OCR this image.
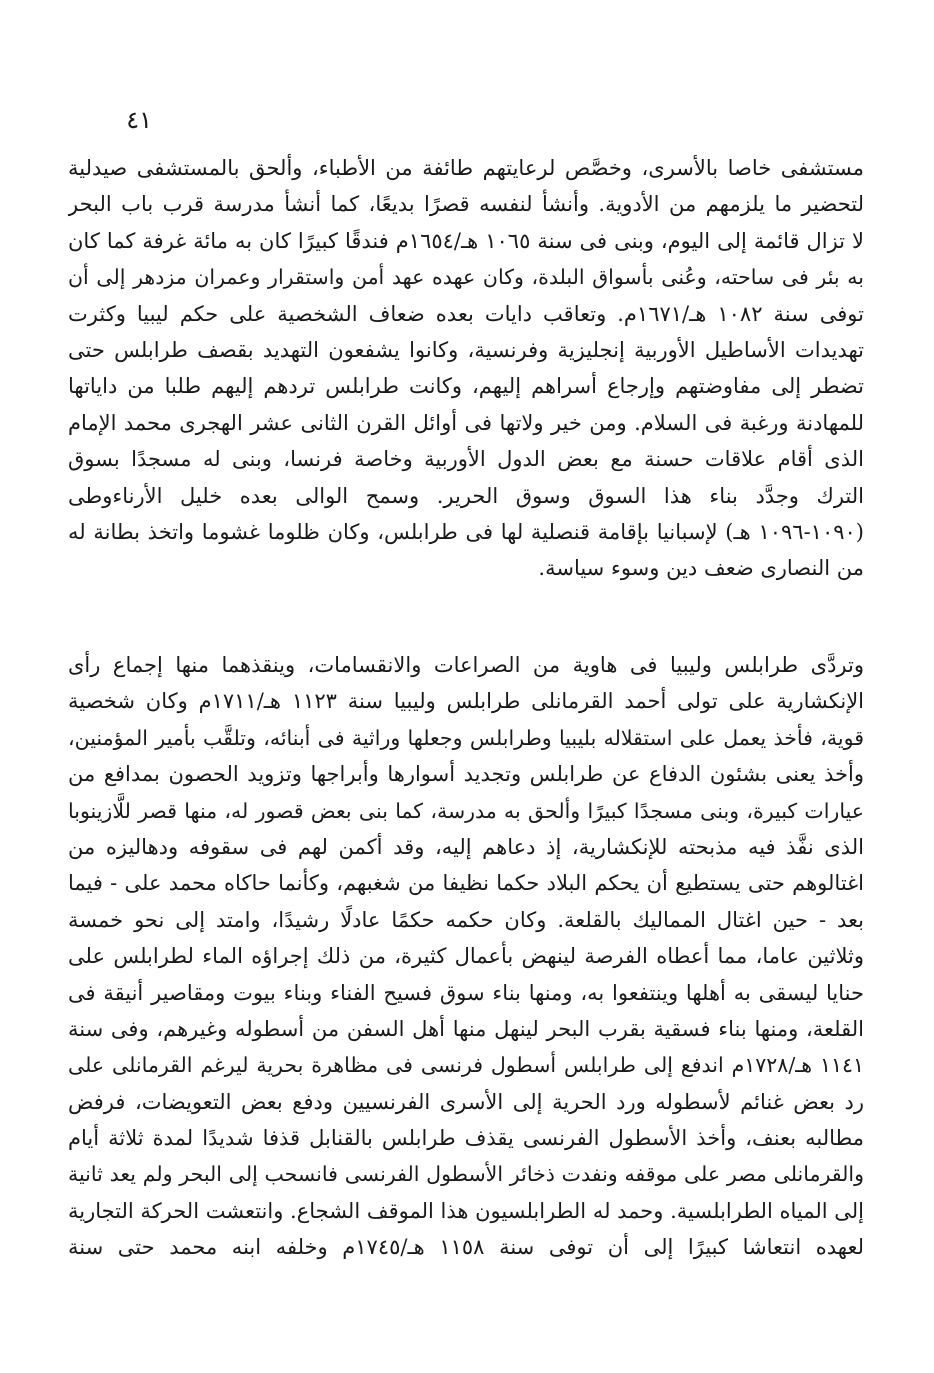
٤١
مستشفى خاصا بالأسرى، وخصَّص لرعايتهم طائفة من الأطباء، وألحق بالمستشفى صيدلية
لتحضير ما يلزمهم من الأدوية. وأنشأ لنفسه قصرًا بديعًا، كما أنشأ مدرسة قرب باب البحر
لا تزال قائمة إلى اليوم، وبنى فى سنة ١٠٦٥ هـ/١٦٥٤م فندقًا كبيرًا كان به مائة غرفة كما كان
به بئر فى ساحته، وعُنى بأسواق البلدة، وكان عهده عهد أمن واستقرار وعمران مزدهر إلى أن
توفى سنة ١٠٨٢ هـ/١٦٧١م. وتعاقب دايات بعده ضعاف الشخصية على حكم ليبيا وكثرت
تهديدات الأساطيل الأوربية إنجليزية وفرنسية، وكانوا يشفعون التهديد بقصف طرابلس حتى
تضطر إلى مفاوضتهم وإرجاع أسراهم إليهم، وكانت طرابلس تردهم إليهم طلبا من داياتها
للمهادنة ورغبة فى السلام. ومن خير ولاتها فى أوائل القرن الثانى عشر الهجرى محمد الإمام
الذى أقام علاقات حسنة مع بعض الدول الأوربية وخاصة فرنسا، وبنى له مسجدًا بسوق
الترك وجدَّد بناء هذا السوق وسوق الحرير. وسمح الوالى بعده خليل الأرناءوطى
(١٠٩٠-١٠٩٦ هـ) لإسبانيا بإقامة قنصلية لها فى طرابلس، وكان ظلوما غشوما واتخذ بطانة له
من النصارى ضعف دين وسوء سياسة.
وتردَّى طرابلس وليبيا فى هاوية من الصراعات والانقسامات، وينقذهما منها إجماع رأى
الإنكشارية على تولى أحمد القرمانلى طرابلس وليبيا سنة ١١٢٣ هـ/١٧١١م وكان شخصية
قوية، فأخذ يعمل على استقلاله بليبيا وطرابلس وجعلها وراثية فى أبنائه، وتلقَّب بأمير المؤمنين،
وأخذ يعنى بشئون الدفاع عن طرابلس وتجديد أسوارها وأبراجها وتزويد الحصون بمدافع من
عيارات كبيرة، وبنى مسجدًا كبيرًا وألحق به مدرسة، كما بنى بعض قصور له، منها قصر للَّازينوبا
الذى نفَّذ فيه مذبحته للإنكشارية، إذ دعاهم إليه، وقد أكمن لهم فى سقوفه ودهاليزه من
اغتالوهم حتى يستطيع أن يحكم البلاد حكما نظيفا من شغبهم، وكأنما حاكاه محمد على - فيما
بعد - حين اغتال المماليك بالقلعة. وكان حكمه حكمًا عادلًا رشيدًا، وامتد إلى نحو خمسة
وثلاثين عاما، مما أعطاه الفرصة لينهض بأعمال كثيرة، من ذلك إجراؤه الماء لطرابلس على
حنايا ليسقى به أهلها وينتفعوا به، ومنها بناء سوق فسيح الفناء وبناء بيوت ومقاصير أنيقة فى
القلعة، ومنها بناء فسقية بقرب البحر لينهل منها أهل السفن من أسطوله وغيرهم، وفى سنة
١١٤١ هـ/١٧٢٨م اندفع إلى طرابلس أسطول فرنسى فى مظاهرة بحرية ليرغم القرمانلى على
رد بعض غنائم لأسطوله ورد الحرية إلى الأسرى الفرنسيين ودفع بعض التعويضات، فرفض
مطالبه بعنف، وأخذ الأسطول الفرنسى يقذف طرابلس بالقنابل قذفا شديدًا لمدة ثلاثة أيام
والقرمانلى مصر على موقفه ونفدت ذخائر الأسطول الفرنسى فانسحب إلى البحر ولم يعد ثانية
إلى المياه الطرابلسية. وحمد له الطرابلسيون هذا الموقف الشجاع. وانتعشت الحركة التجارية
لعهده انتعاشا كبيرًا إلى أن توفى سنة ١١٥٨ هـ/١٧٤٥م وخلفه ابنه محمد حتى سنة
